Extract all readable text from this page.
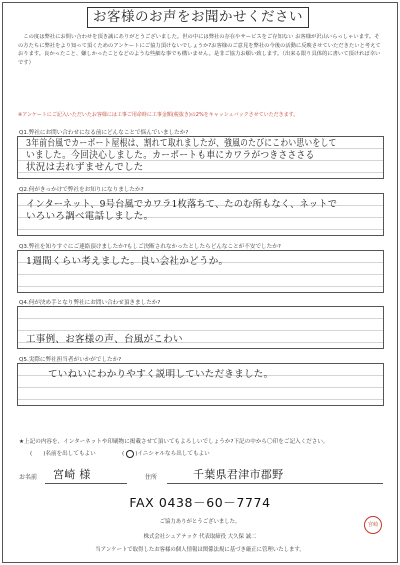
お客様のお声をお聞かせください

この度は弊社にお問い合わせを頂き誠にありがとうございました。世の中には弊社の存在やサービスをご存知ない お客様が沢山いらっしゃいます。その方たちに弊社をより知って頂くためのアンケートにご協力頂けないでしょうか?お客様のご意見を弊社の今後の活動に反映させていただきたいと考えております。良かったこと、嫌しかったことなどのような些細な事でも構いません。是非ご協力お願い致します。（出来る限り具体的に書いて頂ければ幸いです）

※アンケートにご記入いただいたお客様には工事ご用命時に工事金額(税抜き)の2%をキャッシュバックさせていただきます。
Q1.弊社にお問い合わせになる前にどんなことで悩んでいましたか?
3年前台風でカーポート屋根は、割れて取れましたが、強風のたびにこわい思いをして
いました。今回決心しました。カーポートも車にカワラがつきさささる
状況は去れずませんでした
Q2.何がきっかけで弊社をお知りになりましたか?
インターネット、9号台風でカワラ1枚落ちて、たのむ所もなく、ネットで
いろいろ調べ電話しました。
Q3.弊社を知りすぐにご連絡頂けましたか?もしご決断されなかったとしたらどんなことが不安でしたか?
1週間くらい考えました。良い会社かどうか。
Q4.何が決め手となり弊社にお問い合わせ頂きましたか?
工事例、お客様の声、台風がこわい
Q5.実際に弊社担当者がいかがでしたか?
ていねいにわかりやすく説明していただきました。
★上記の内容を、インターネットや印刷物に掲載させて頂いてもよろしいでしょうか?下記の中から〇印をご記入ください。
( )名前を出してもよい	( )イニシャルなら出してもよい
お名前 宮崎 様	住所	千葉県君津市郡野
FAX 0438－60－7774
ご協力ありがとうございました。
株式会社シェアテック 代表取締役 大久保 誠二
当アンケートで取得したお客様の個人情報は関係法規に基づき厳正に管理いたします。
宮崎
